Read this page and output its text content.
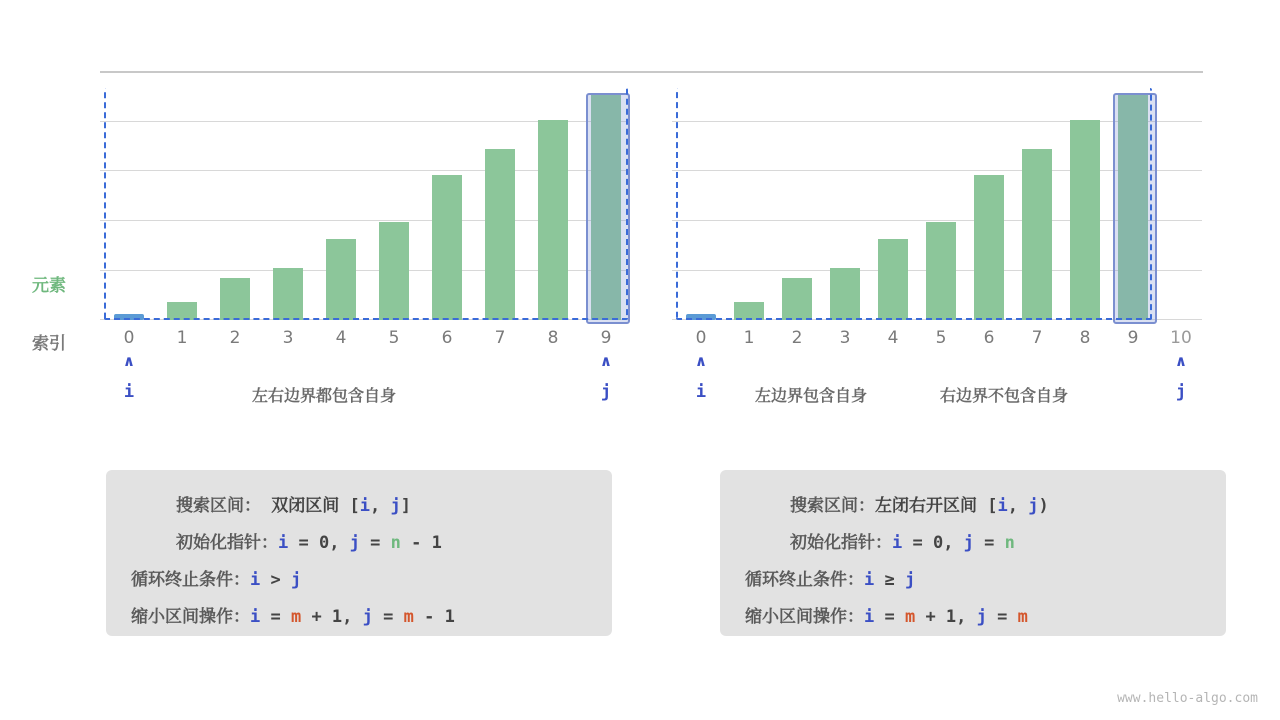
元素
索引	0	1	2	3	4	5	6	7	8	9
∧
i
∧
j
左右边界都包含自身
搜索区间： 双闭区间 [i, j]
初始化指针：i = 0, j = n - 1
循环终止条件：i > j
缩小区间操作：i = m + 1, j = m - 1
0	1	2	3	4	5	6	7	8	9	10
∧
i
∧
j
左边界包含自身	右边界不包含自身
搜索区间：左闭右开区间 [i, j)
初始化指针：i = 0, j = n
循环终止条件：i ≥ j
缩小区间操作：i = m + 1, j = m
www.hello-algo.com
